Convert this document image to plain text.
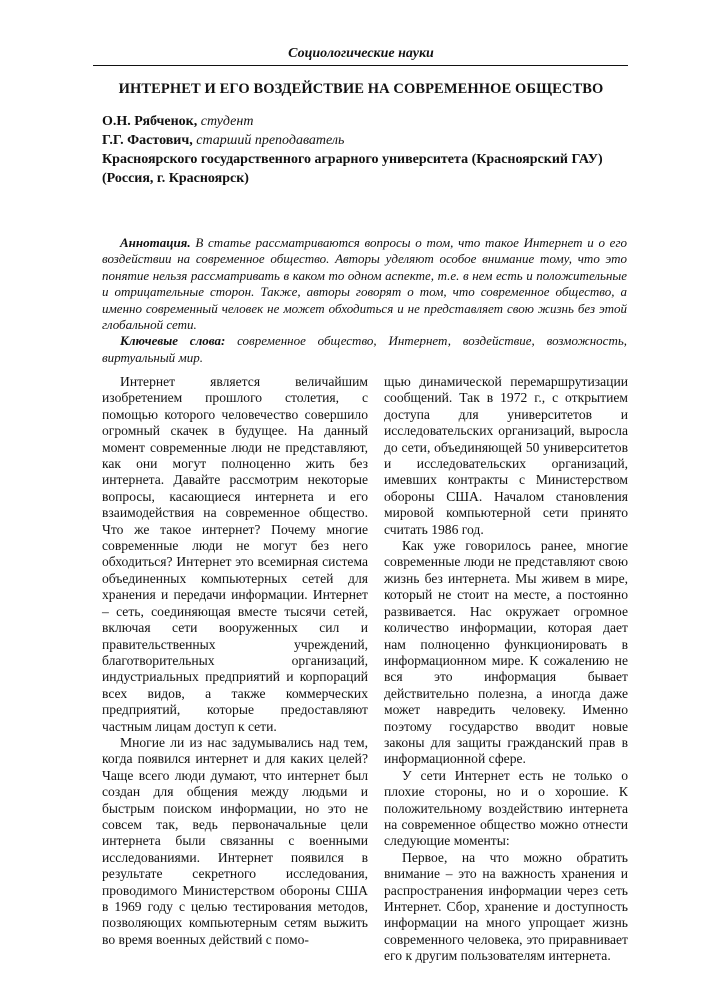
Социологические науки
ИНТЕРНЕТ И ЕГО ВОЗДЕЙСТВИЕ НА СОВРЕМЕННОЕ ОБЩЕСТВО
О.Н. Рябченок, студент
Г.Г. Фастович, старший преподаватель
Красноярского государственного аграрного университета (Красноярский ГАУ)
(Россия, г. Красноярск)

Аннотация. В статье рассматриваются вопросы о том, что такое Интернет и о его воздействии на современное общество. Авторы уделяют особое внимание тому, что это понятие нельзя рассматривать в каком то одном аспекте, т.е. в нем есть и положительные и отрицательные сторон. Также, авторы говорят о том, что современное общество, а именно современный человек не может обходиться и не представляет свою жизнь без этой глобальной сети.

Ключевые слова: современное общество, Интернет, воздействие, возможность, виртуальный мир.

Интернет является величайшим изобретением прошлого столетия, с помощью которого человечество совершило огромный скачек в будущее. На данный момент современные люди не представляют, как они могут полноценно жить без интернета. Давайте рассмотрим некоторые вопросы, касающиеся интернета и его взаимодействия на современное общество. Что же такое интернет? Почему многие современные люди не могут без него обходиться? Интернет это всемирная система объединенных компьютерных сетей для хранения и передачи информации. Интернет – сеть, соединяющая вместе тысячи сетей, включая сети вооруженных сил и правительственных учреждений, благотворительных организаций, индустриальных предприятий и корпораций всех видов, а также коммерческих предприятий, которые предоставляют частным лицам доступ к сети.

Многие ли из нас задумывались над тем, когда появился интернет и для каких целей? Чаще всего люди думают, что интернет был создан для общения между людьми и быстрым поиском информации, но это не совсем так, ведь первоначальные цели интернета были связанны с военными исследованиями. Интернет появился в результате секретного исследования, проводимого Министерством обороны США в 1969 году с целью тестирования методов, позволяющих компьютерным сетям выжить во время военных действий с помо-

щью динамической перемаршрутизации сообщений. Так в 1972 г., с открытием доступа для университетов и исследовательских организаций, выросла до сети, объединяющей 50 университетов и исследовательских организаций, имевших контракты с Министерством обороны США. Началом становления мировой компьютерной сети принято считать 1986 год.

Как уже говорилось ранее, многие современные люди не представляют свою жизнь без интернета. Мы живем в мире, который не стоит на месте, а постоянно развивается. Нас окружает огромное количество информации, которая дает нам полноценно функционировать в информационном мире. К сожалению не вся это информация бывает действительно полезна, а иногда даже может навредить человеку. Именно поэтому государство вводит новые законы для защиты гражданский прав в информационной сфере.

У сети Интернет есть не только о плохие стороны, но и о хорошие. К положительному воздействию интернета на современное общество можно отнести следующие моменты:

Первое, на что можно обратить внимание – это на важность хранения и распространения информации через сеть Интернет. Сбор, хранение и доступность информации на много упрощает жизнь современного человека, это приравнивает его к другим пользователям интернета.
